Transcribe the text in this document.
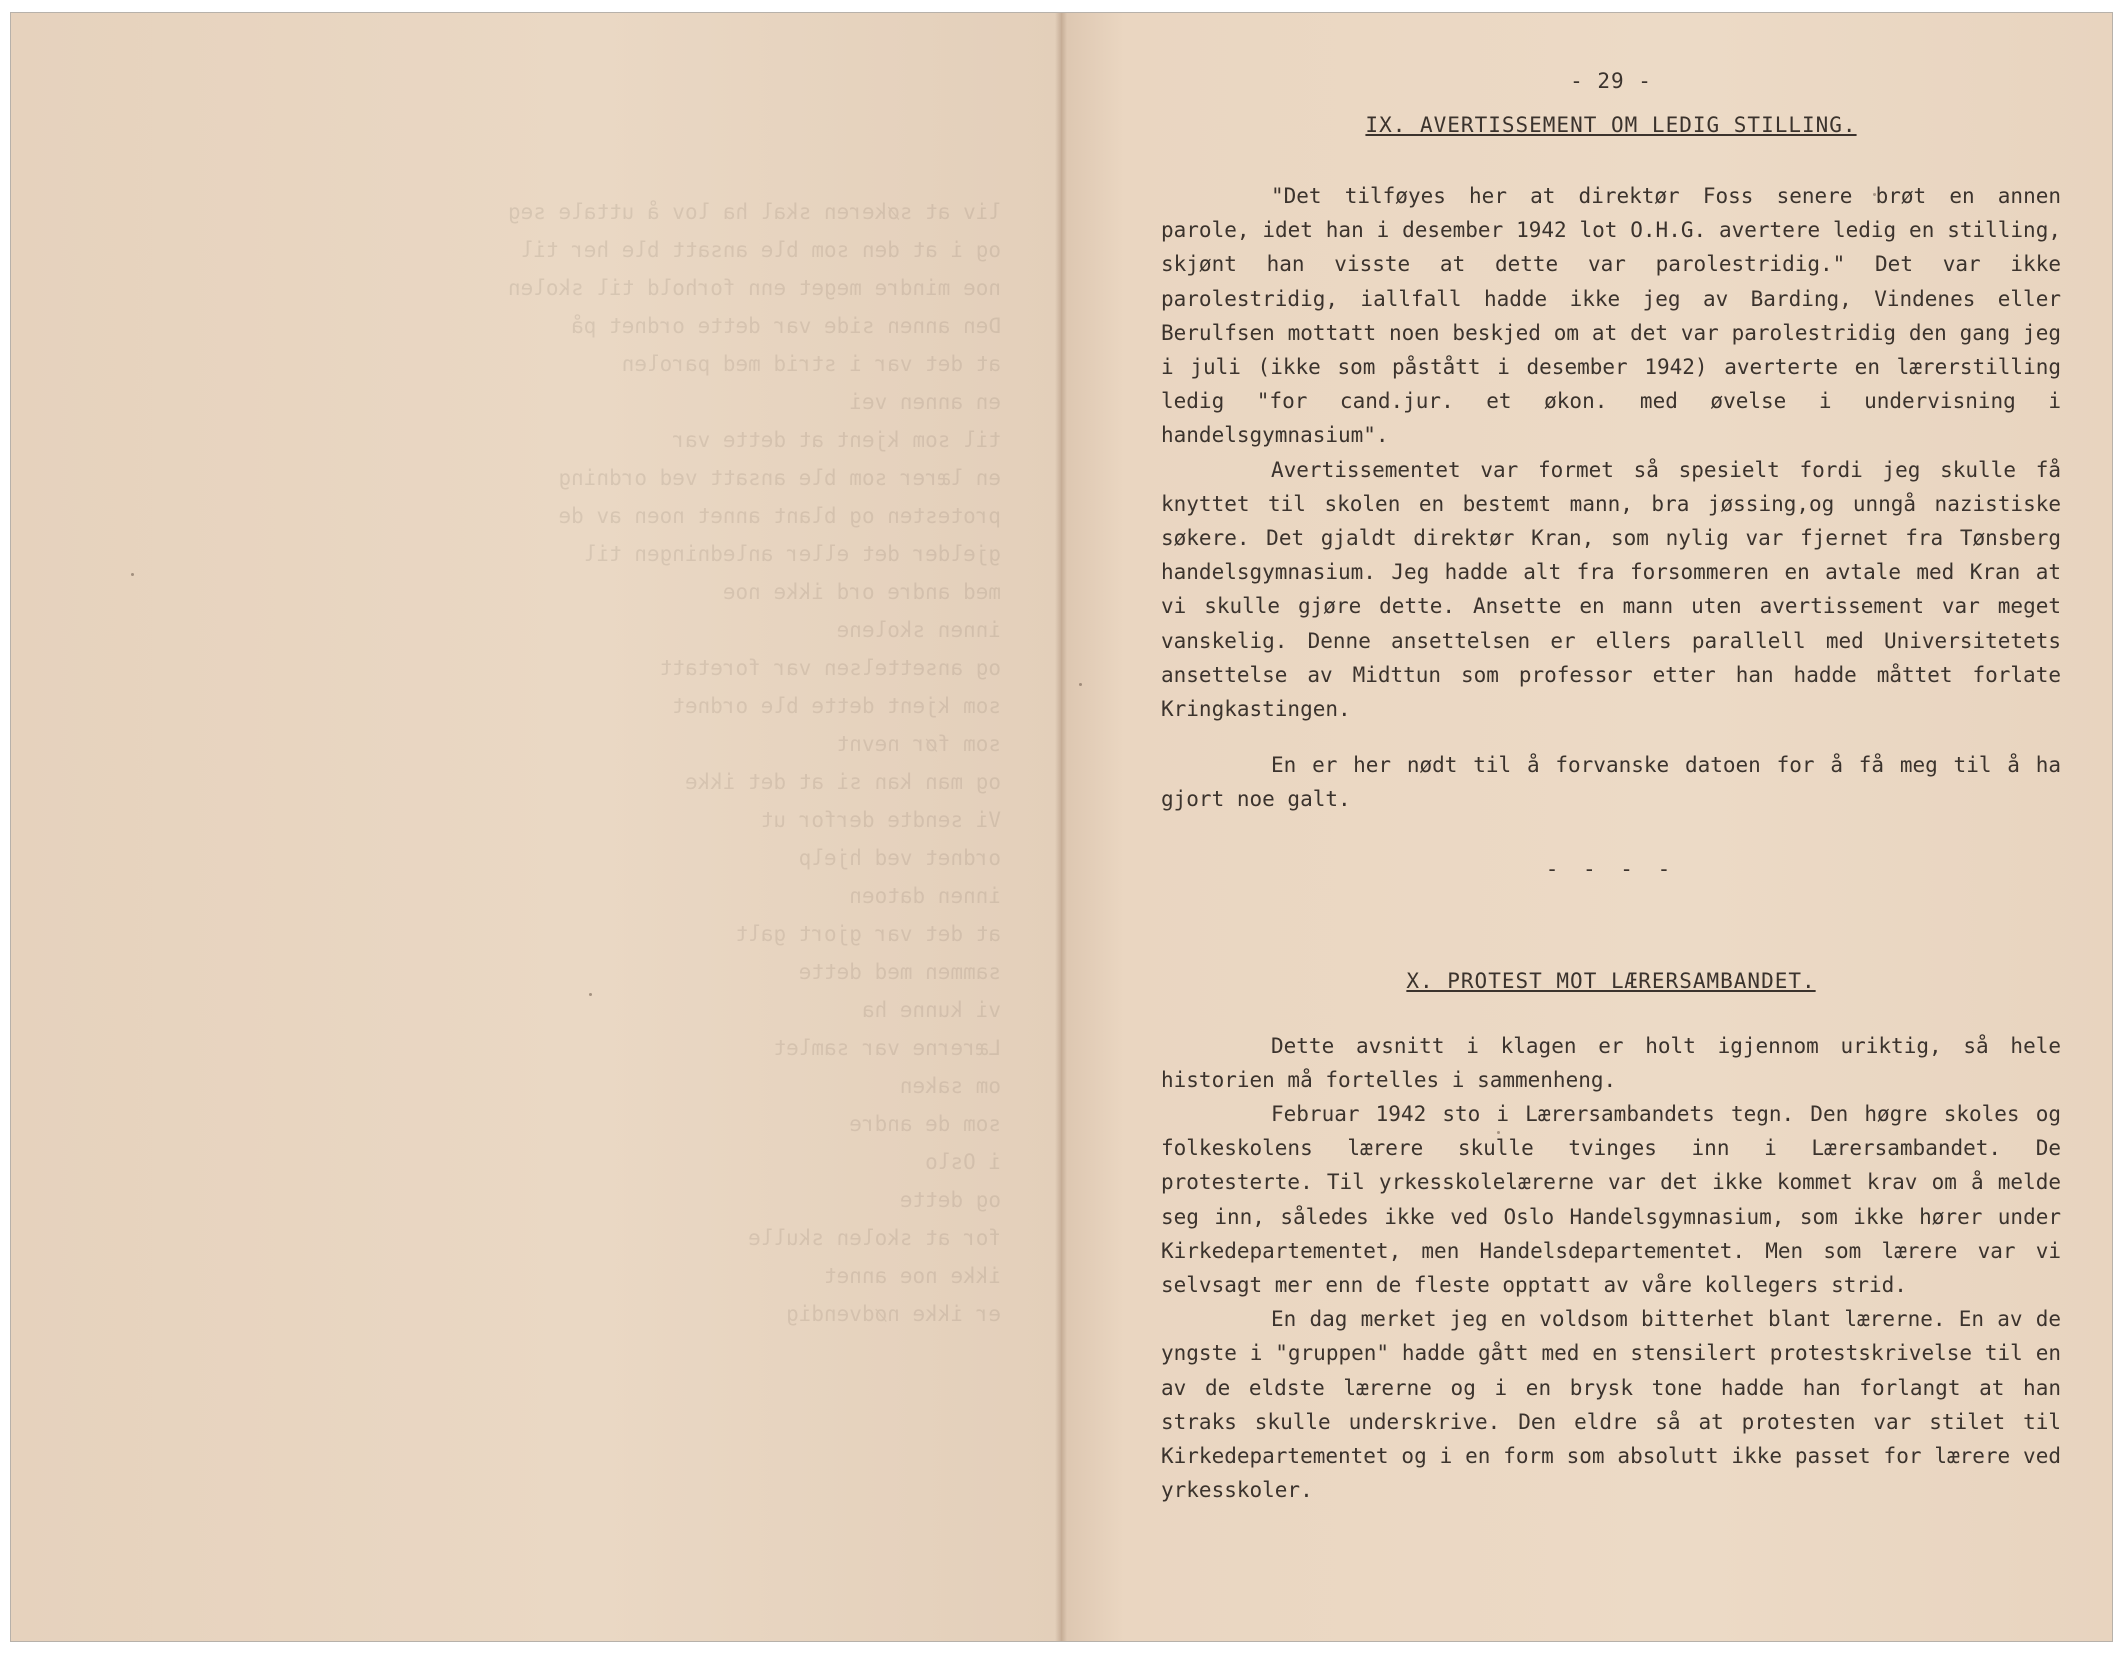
liv at søkeren skal ha lov å uttale seg
og i at den som ble ansatt ble her til
noe mindre meget enn forhold til skolen
Den annen side var dette ordnet på
at det var i strid med parolen
en annen vei
til som kjent at dette var
en lærer som ble ansatt ved ordning
protesten og blant annet noen av de
gjelder det eller anledningen til
med andre ord ikke noe
innen skolene
og ansettelsen var foretatt
som kjent dette ble ordnet
som før nevnt
og man kan si at det ikke
Vi sendte derfor ut
ordnet ved hjelp
innen datoen
at det var gjort galt
sammen med dette
vi kunne ha
Lærerne var samlet
om saken
som de andre
i Oslo
og dette
for at skolen skulle
ikke noe annet
er ikke nødvendig
- 29 -

IX. AVERTISSEMENT OM LEDIG STILLING.

"Det tilføyes her at direktør Foss senere brøt en annen parole, idet han i desember 1942 lot O.H.G. avertere ledig en stilling, skjønt han visste at dette var parolestridig." Det var ikke parolestridig, iallfall hadde ikke jeg av Barding, Vindenes eller Berulfsen mottatt noen beskjed om at det var parolestridig den gang jeg i juli (ikke som påstått i desember 1942) averterte en lærerstilling ledig "for cand.jur. et økon. med øvelse i undervisning i handelsgymnasium".

Avertissementet var formet så spesielt fordi jeg skulle få knyttet til skolen en bestemt mann, bra jøssing,og unngå nazistiske søkere. Det gjaldt direktør Kran, som nylig var fjernet fra Tønsberg handelsgymnasium. Jeg hadde alt fra forsommeren en avtale med Kran at vi skulle gjøre dette. Ansette en mann uten avertissement var meget vanskelig. Denne ansettelsen er ellers parallell med Universitetets ansettelse av Midttun som professor etter han hadde måttet forlate Kringkastingen.

En er her nødt til å forvanske datoen for å få meg til å ha gjort noe galt.

- - - -

X. PROTEST MOT LÆRERSAMBANDET.

Dette avsnitt i klagen er holt igjennom uriktig, så hele historien må fortelles i sammenheng.

Februar 1942 sto i Lærersambandets tegn. Den høgre skoles og folkeskolens lærere skulle tvinges inn i Lærersambandet. De protesterte. Til yrkesskolelærerne var det ikke kommet krav om å melde seg inn, således ikke ved Oslo Handelsgymnasium, som ikke hører under Kirkedepartementet, men Handelsdepartementet. Men som lærere var vi selvsagt mer enn de fleste opptatt av våre kollegers strid.

En dag merket jeg en voldsom bitterhet blant lærerne. En av de yngste i "gruppen" hadde gått med en stensilert protestskrivelse til en av de eldste lærerne og i en brysk tone hadde han forlangt at han straks skulle underskrive. Den eldre så at protesten var stilet til Kirkedepartementet og i en form som absolutt ikke passet for lærere ved yrkesskoler.
